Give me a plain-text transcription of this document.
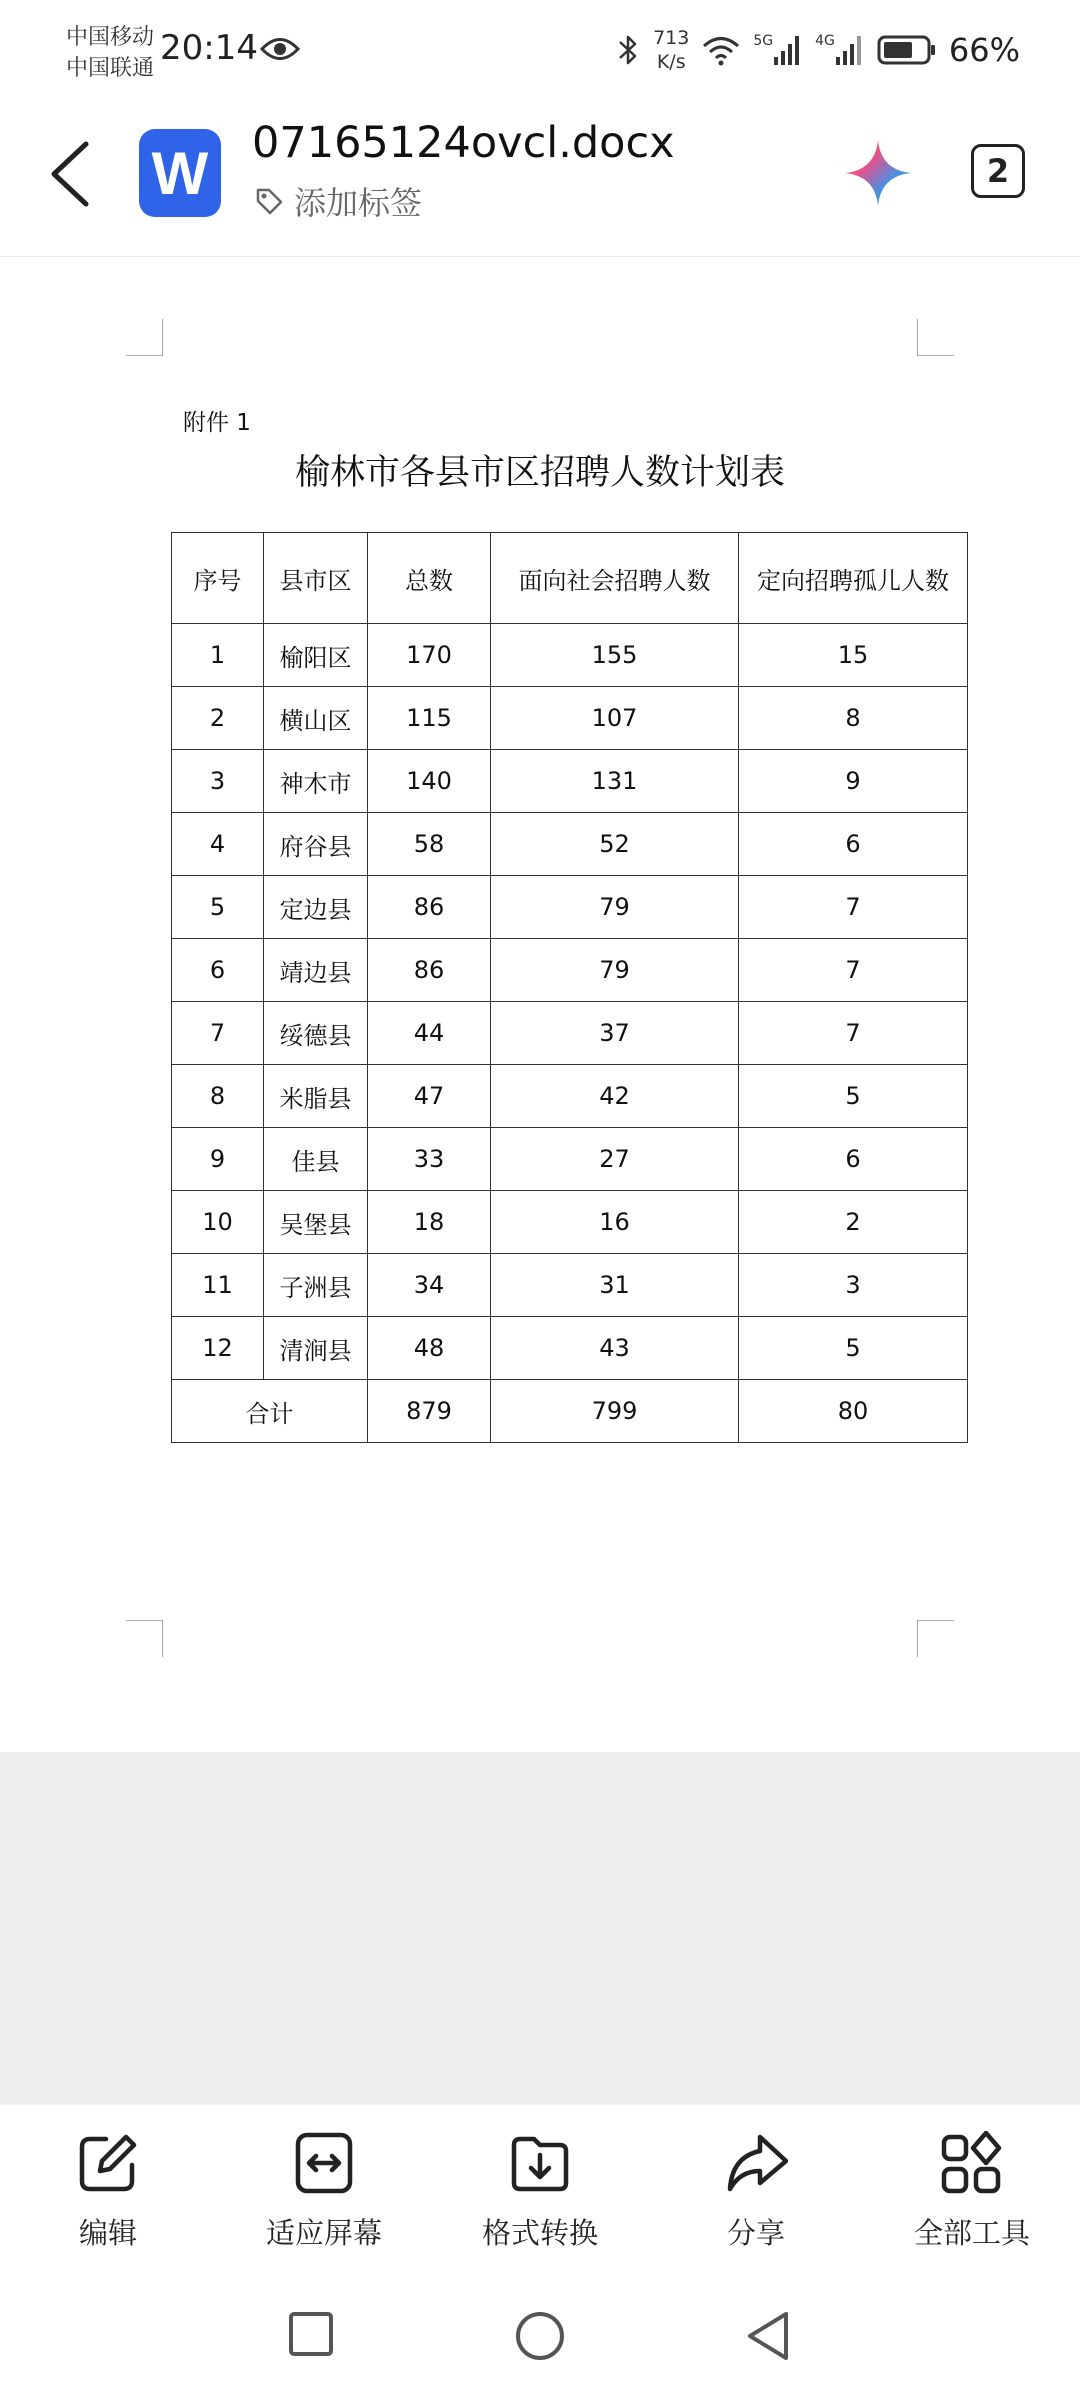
中国移动
中国联通
20:14	713
K/s
5G	4G	66%
W 07165124ovcl.docx
添加标签
2
附件 1
榆林市各县市区招聘人数计划表
序号	县市区	总数	面向社会招聘人数	定向招聘孤儿人数
1	榆阳区	170	155	15
2	横山区	115	107	8
3	神木市	140	131	9
4	府谷县	58	52	6
5	定边县	86	79	7
6	靖边县	86	79	7
7	绥德县	44	37	7
8	米脂县	47	42	5
9	佳县	33	27	6
10	吴堡县	18	16	2
11	子洲县	34	31	3
12	清涧县	48	43	5
合计		879	799	80
编辑	适应屏幕	格式转换	分享	全部工具
